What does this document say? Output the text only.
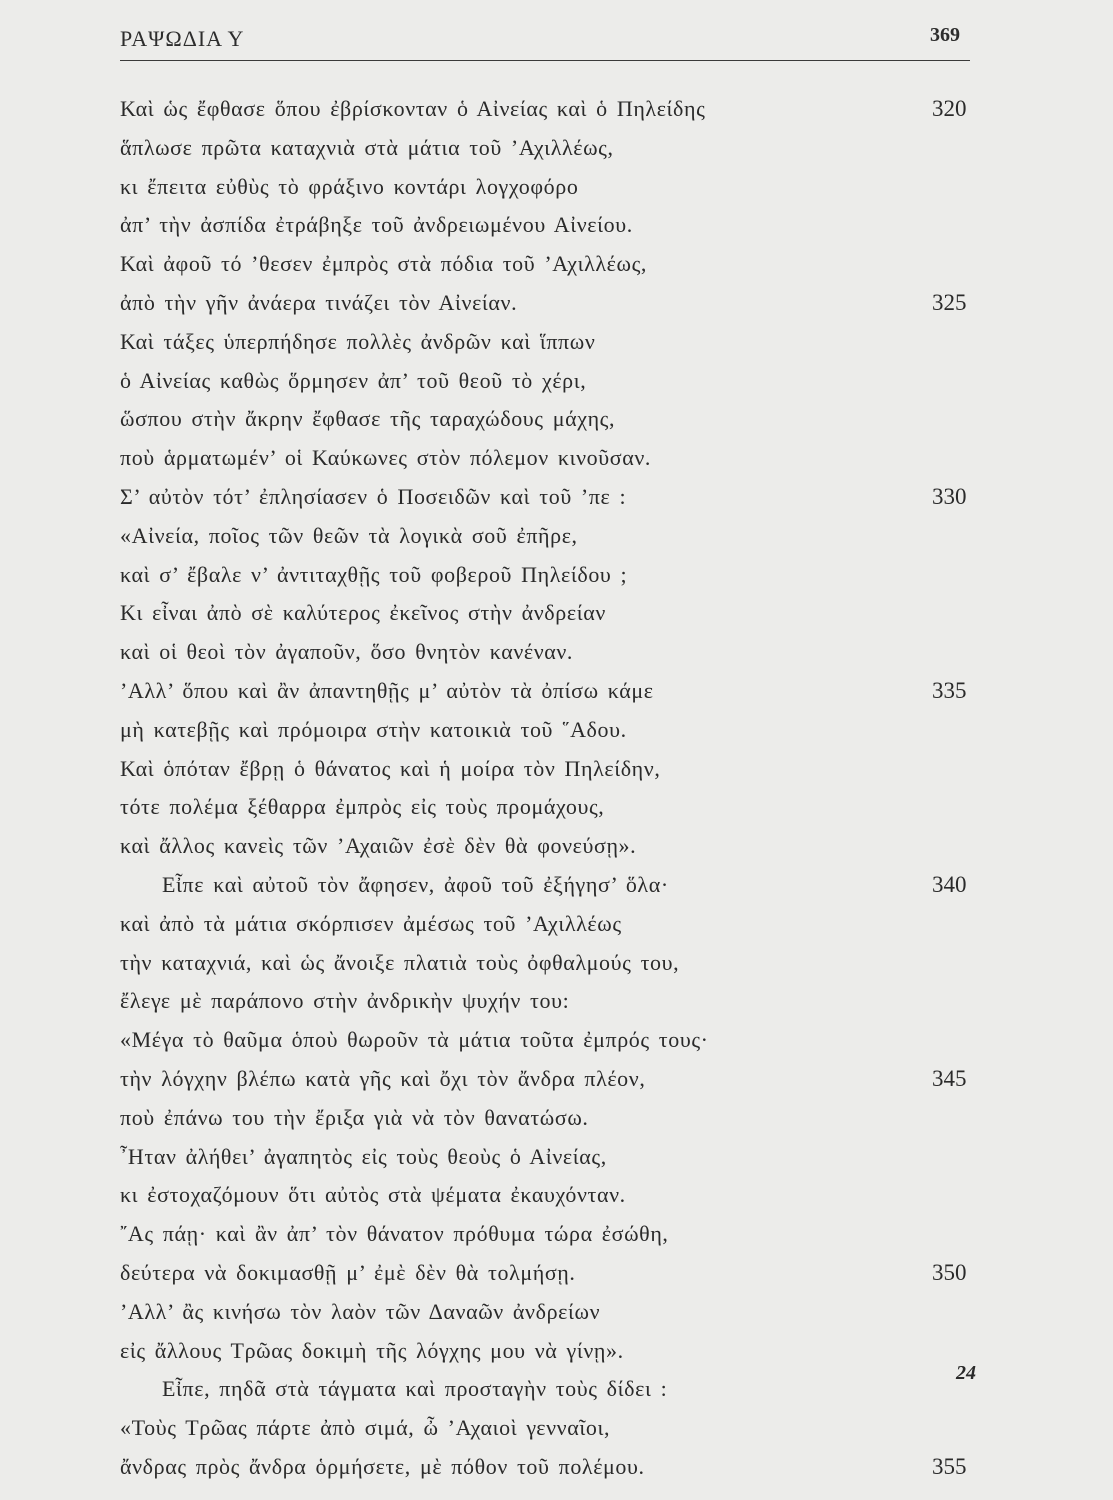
ΡΑΨΩΔΙΑ Υ	369
Καὶ ὡς ἔφθασε ὅπου ἐβρίσκονταν ὁ Αἰνείας καὶ ὁ Πηλείδης	320
ἅπλωσε πρῶτα καταχνιὰ στὰ μάτια τοῦ ’Αχιλλέως,
κι ἔπειτα εὐθὺς τὸ φράξινο κοντάρι λογχοφόρο
ἀπ’ τὴν ἀσπίδα ἐτράβηξε τοῦ ἀνδρειωμένου Αἰνείου.
Καὶ ἀφοῦ τό ’θεσεν ἐμπρὸς στὰ πόδια τοῦ ’Αχιλλέως,
ἀπὸ τὴν γῆν ἀνάερα τινάζει τὸν Αἰνείαν.	325
Καὶ τάξες ὑπερπήδησε πολλὲς ἀνδρῶν καὶ ἵππων
ὁ Αἰνείας καθὼς ὅρμησεν ἀπ’ τοῦ θεοῦ τὸ χέρι,
ὥσπου στὴν ἄκρην ἔφθασε τῆς ταραχώδους μάχης,
ποὺ ἁρματωμέν’ οἱ Καύκωνες στὸν πόλεμον κινοῦσαν.
Σ’ αὐτὸν τότ’ ἐπλησίασεν ὁ Ποσειδῶν καὶ τοῦ ’πε :	330
«Αἰνεία, ποῖος τῶν θεῶν τὰ λογικὰ σοῦ ἐπῆρε,
καὶ σ’ ἔβαλε ν’ ἀντιταχθῇς τοῦ φοβεροῦ Πηλείδου ;
Κι εἶναι ἀπὸ σὲ καλύτερος ἐκεῖνος στὴν ἀνδρείαν
καὶ οἱ θεοὶ τὸν ἀγαποῦν, ὅσο θνητὸν κανέναν.
’Αλλ’ ὅπου καὶ ἂν ἀπαντηθῇς μ’ αὐτὸν τὰ ὀπίσω κάμε	335
μὴ κατεβῇς καὶ πρόμοιρα στὴν κατοικιὰ τοῦ ῞Αδου.
Καὶ ὁπόταν ἔβρῃ ὁ θάνατος καὶ ἡ μοίρα τὸν Πηλείδην,
τότε πολέμα ξέθαρρα ἐμπρὸς εἰς τοὺς προμάχους,
καὶ ἄλλος κανεὶς τῶν ’Αχαιῶν ἐσὲ δὲν θὰ φονεύσῃ».
Εἶπε καὶ αὐτοῦ τὸν ἄφησεν, ἀφοῦ τοῦ ἐξήγησ’ ὅλα·	340
καὶ ἀπὸ τὰ μάτια σκόρπισεν ἀμέσως τοῦ ’Αχιλλέως
τὴν καταχνιά, καὶ ὡς ἄνοιξε πλατιὰ τοὺς ὀφθαλμούς του,
ἔλεγε μὲ παράπονο στὴν ἀνδρικὴν ψυχήν του:
«Μέγα τὸ θαῦμα ὁποὺ θωροῦν τὰ μάτια τοῦτα ἐμπρός τους·
τὴν λόγχην βλέπω κατὰ γῆς καὶ ὄχι τὸν ἄνδρα πλέον,	345
ποὺ ἐπάνω του τὴν ἔριξα γιὰ νὰ τὸν θανατώσω.
῏Ηταν ἀλήθει’ ἀγαπητὸς εἰς τοὺς θεοὺς ὁ Αἰνείας,
κι ἐστοχαζόμουν ὅτι αὐτὸς στὰ ψέματα ἐκαυχόνταν.
῎Ας πάῃ· καὶ ἂν ἀπ’ τὸν θάνατον πρόθυμα τώρα ἐσώθη,
δεύτερα νὰ δοκιμασθῇ μ’ ἐμὲ δὲν θὰ τολμήσῃ.	350
’Αλλ’ ἂς κινήσω τὸν λαὸν τῶν Δαναῶν ἀνδρείων
εἰς ἄλλους Τρῶας δοκιμὴ τῆς λόγχης μου νὰ γίνῃ».
Εἶπε, πηδᾶ στὰ τάγματα καὶ προσταγὴν τοὺς δίδει :
«Τοὺς Τρῶας πάρτε ἀπὸ σιμά, ὦ ’Αχαιοὶ γενναῖοι,
ἄνδρας πρὸς ἄνδρα ὁρμήσετε, μὲ πόθον τοῦ πολέμου.	355
24
